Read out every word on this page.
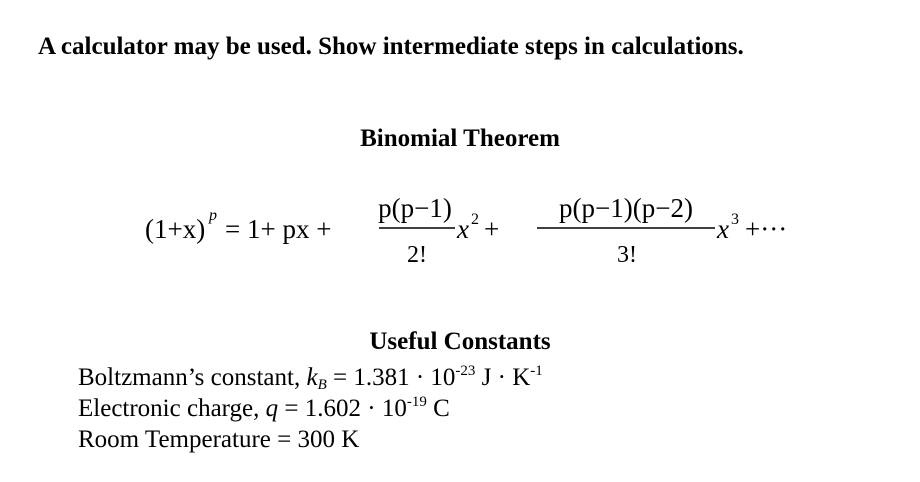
A calculator may be used. Show intermediate steps in calculations.
Binomial Theorem
(1+x) p = 1+ px +
p(p−1)
2!
x 2 +
p(p−1)(p−2)
3!
x 3 +···
Useful Constants
Boltzmann’s constant, $k_B = 1.381 \cdot 10^{-23}$ $J \cdot K^{-1}$
Electronic charge, $q = 1.602 \cdot 10^{-19}$ C
Room Temperature = 300 K
